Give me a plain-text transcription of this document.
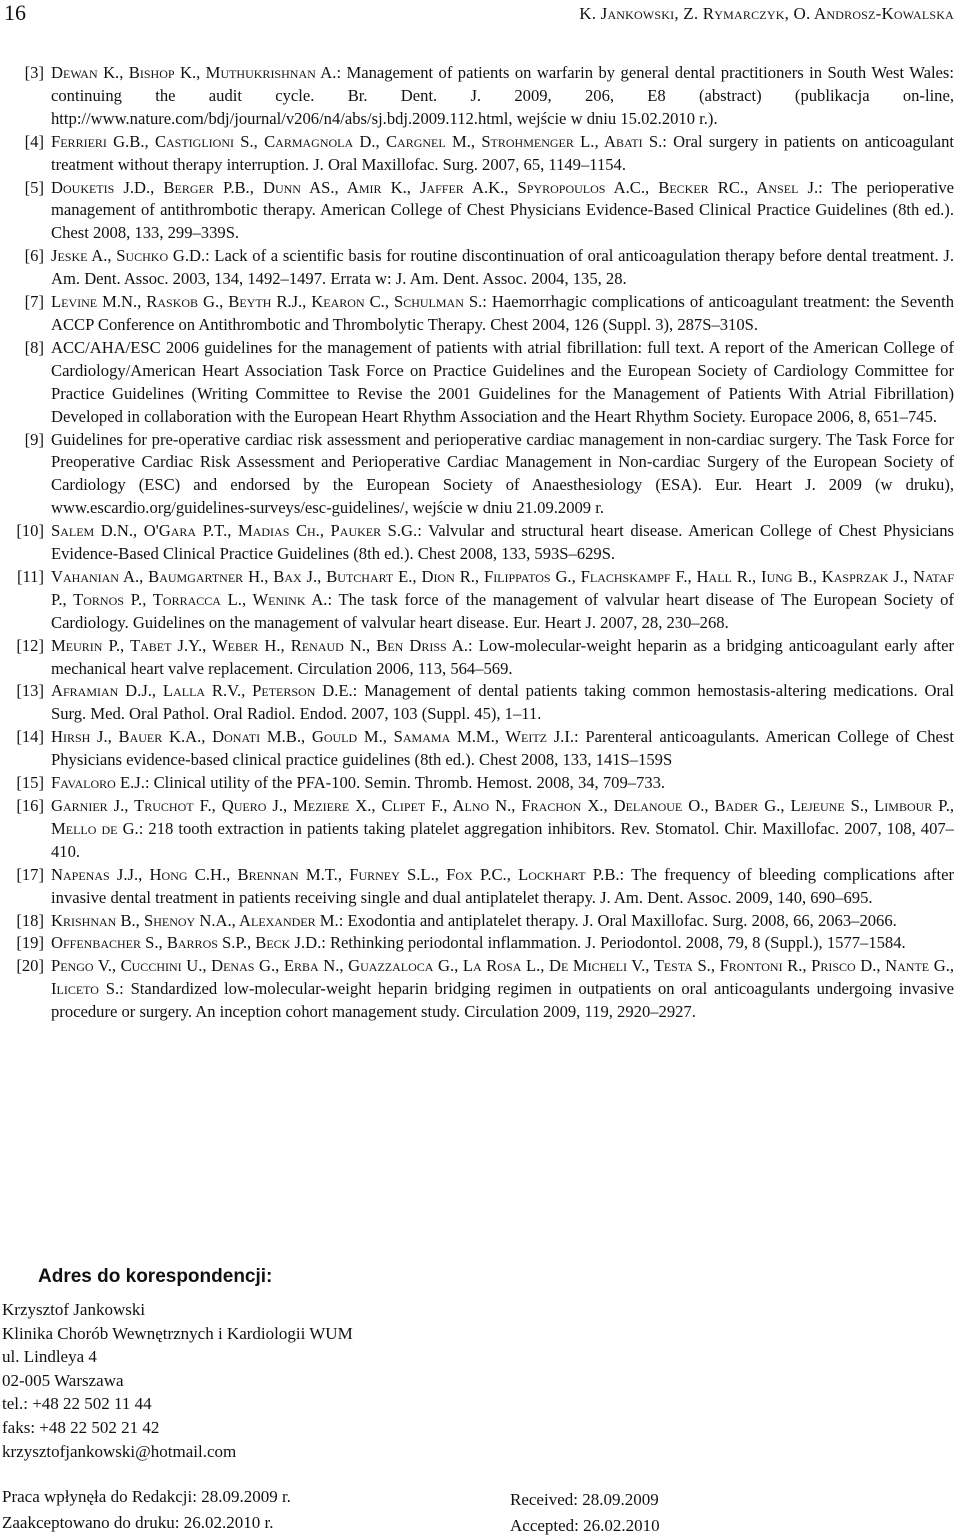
16	K. Jankowski, Z. Rymarczyk, O. Androsz-Kowalska
[3] Dewan K., Bishop K., Muthukrishnan A.: Management of patients on warfarin by general dental practitioners in South West Wales: continuing the audit cycle. Br. Dent. J. 2009, 206, E8 (abstract) (publikacja on-line, http://www.nature.com/bdj/journal/v206/n4/abs/sj.bdj.2009.112.html, wejście w dniu 15.02.2010 r.).
[4] Ferrieri G.B., Castiglioni S., Carmagnola D., Cargnel M., Strohmenger L., Abati S.: Oral surgery in patients on anticoagulant treatment without therapy interruption. J. Oral Maxillofac. Surg. 2007, 65, 1149–1154.
[5] Douketis J.D., Berger P.B., Dunn AS., Amir K., Jaffer A.K., Spyropoulos A.C., Becker RC., Ansel J.: The perioperative management of antithrombotic therapy. American College of Chest Physicians Evidence-Based Clinical Practice Guidelines (8th ed.). Chest 2008, 133, 299–339S.
[6] Jeske A., Suchko G.D.: Lack of a scientific basis for routine discontinuation of oral anticoagulation therapy before dental treatment. J. Am. Dent. Assoc. 2003, 134, 1492–1497. Errata w: J. Am. Dent. Assoc. 2004, 135, 28.
[7] Levine M.N., Raskob G., Beyth R.J., Kearon C., Schulman S.: Haemorrhagic complications of anticoagulant treatment: the Seventh ACCP Conference on Antithrombotic and Thrombolytic Therapy. Chest 2004, 126 (Suppl. 3), 287S–310S.
[8] ACC/AHA/ESC 2006 guidelines for the management of patients with atrial fibrillation: full text. A report of the American College of Cardiology/American Heart Association Task Force on Practice Guidelines and the European Society of Cardiology Committee for Practice Guidelines (Writing Committee to Revise the 2001 Guidelines for the Management of Patients With Atrial Fibrillation) Developed in collaboration with the European Heart Rhythm Association and the Heart Rhythm Society. Europace 2006, 8, 651–745.
[9] Guidelines for pre-operative cardiac risk assessment and perioperative cardiac management in non-cardiac surgery. The Task Force for Preoperative Cardiac Risk Assessment and Perioperative Cardiac Management in Non-cardiac Surgery of the European Society of Cardiology (ESC) and endorsed by the European Society of Anaesthesiology (ESA). Eur. Heart J. 2009 (w druku), www.escardio.org/guidelines-surveys/esc-guidelines/, wejście w dniu 21.09.2009 r.
[10] Salem D.N., O'Gara P.T., Madias Ch., Pauker S.G.: Valvular and structural heart disease. American College of Chest Physicians Evidence-Based Clinical Practice Guidelines (8th ed.). Chest 2008, 133, 593S–629S.
[11] Vahanian A., Baumgartner H., Bax J., Butchart E., Dion R., Filippatos G., Flachskampf F., Hall R., Iung B., Kasprzak J., Nataf P., Tornos P., Torracca L., Wenink A.: The task force of the management of valvular heart disease of The European Society of Cardiology. Guidelines on the management of valvular heart disease. Eur. Heart J. 2007, 28, 230–268.
[12] Meurin P., Tabet J.Y., Weber H., Renaud N., Ben Driss A.: Low-molecular-weight heparin as a bridging anticoagulant early after mechanical heart valve replacement. Circulation 2006, 113, 564–569.
[13] Aframian D.J., Lalla R.V., Peterson D.E.: Management of dental patients taking common hemostasis-altering medications. Oral Surg. Med. Oral Pathol. Oral Radiol. Endod. 2007, 103 (Suppl. 45), 1–11.
[14] Hirsh J., Bauer K.A., Donati M.B., Gould M., Samama M.M., Weitz J.I.: Parenteral anticoagulants. American College of Chest Physicians evidence-based clinical practice guidelines (8th ed.). Chest 2008, 133, 141S–159S
[15] Favaloro E.J.: Clinical utility of the PFA-100. Semin. Thromb. Hemost. 2008, 34, 709–733.
[16] Garnier J., Truchot F., Quero J., Meziere X., Clipet F., Alno N., Frachon X., Delanoue O., Bader G., Lejeune S., Limbour P., Mello de G.: 218 tooth extraction in patients taking platelet aggregation inhibitors. Rev. Stomatol. Chir. Maxillofac. 2007, 108, 407–410.
[17] Napenas J.J., Hong C.H., Brennan M.T., Furney S.L., Fox P.C., Lockhart P.B.: The frequency of bleeding complications after invasive dental treatment in patients receiving single and dual antiplatelet therapy. J. Am. Dent. Assoc. 2009, 140, 690–695.
[18] Krishnan B., Shenoy N.A., Alexander M.: Exodontia and antiplatelet therapy. J. Oral Maxillofac. Surg. 2008, 66, 2063–2066.
[19] Offenbacher S., Barros S.P., Beck J.D.: Rethinking periodontal inflammation. J. Periodontol. 2008, 79, 8 (Suppl.), 1577–1584.
[20] Pengo V., Cucchini U., Denas G., Erba N., Guazzaloca G., La Rosa L., De Micheli V., Testa S., Frontoni R., Prisco D., Nante G., Iliceto S.: Standardized low-molecular-weight heparin bridging regimen in outpatients on oral anticoagulants undergoing invasive procedure or surgery. An inception cohort management study. Circulation 2009, 119, 2920–2927.
Adres do korespondencji:
Krzysztof Jankowski
Klinika Chorób Wewnętrznych i Kardiologii WUM
ul. Lindleya 4
02-005 Warszawa
tel.: +48 22 502 11 44
faks: +48 22 502 21 42
krzysztofjankowski@hotmail.com
Praca wpłynęła do Redakcji: 28.09.2009 r.
Zaakceptowano do druku: 26.02.2010 r.
Received: 28.09.2009
Accepted: 26.02.2010
